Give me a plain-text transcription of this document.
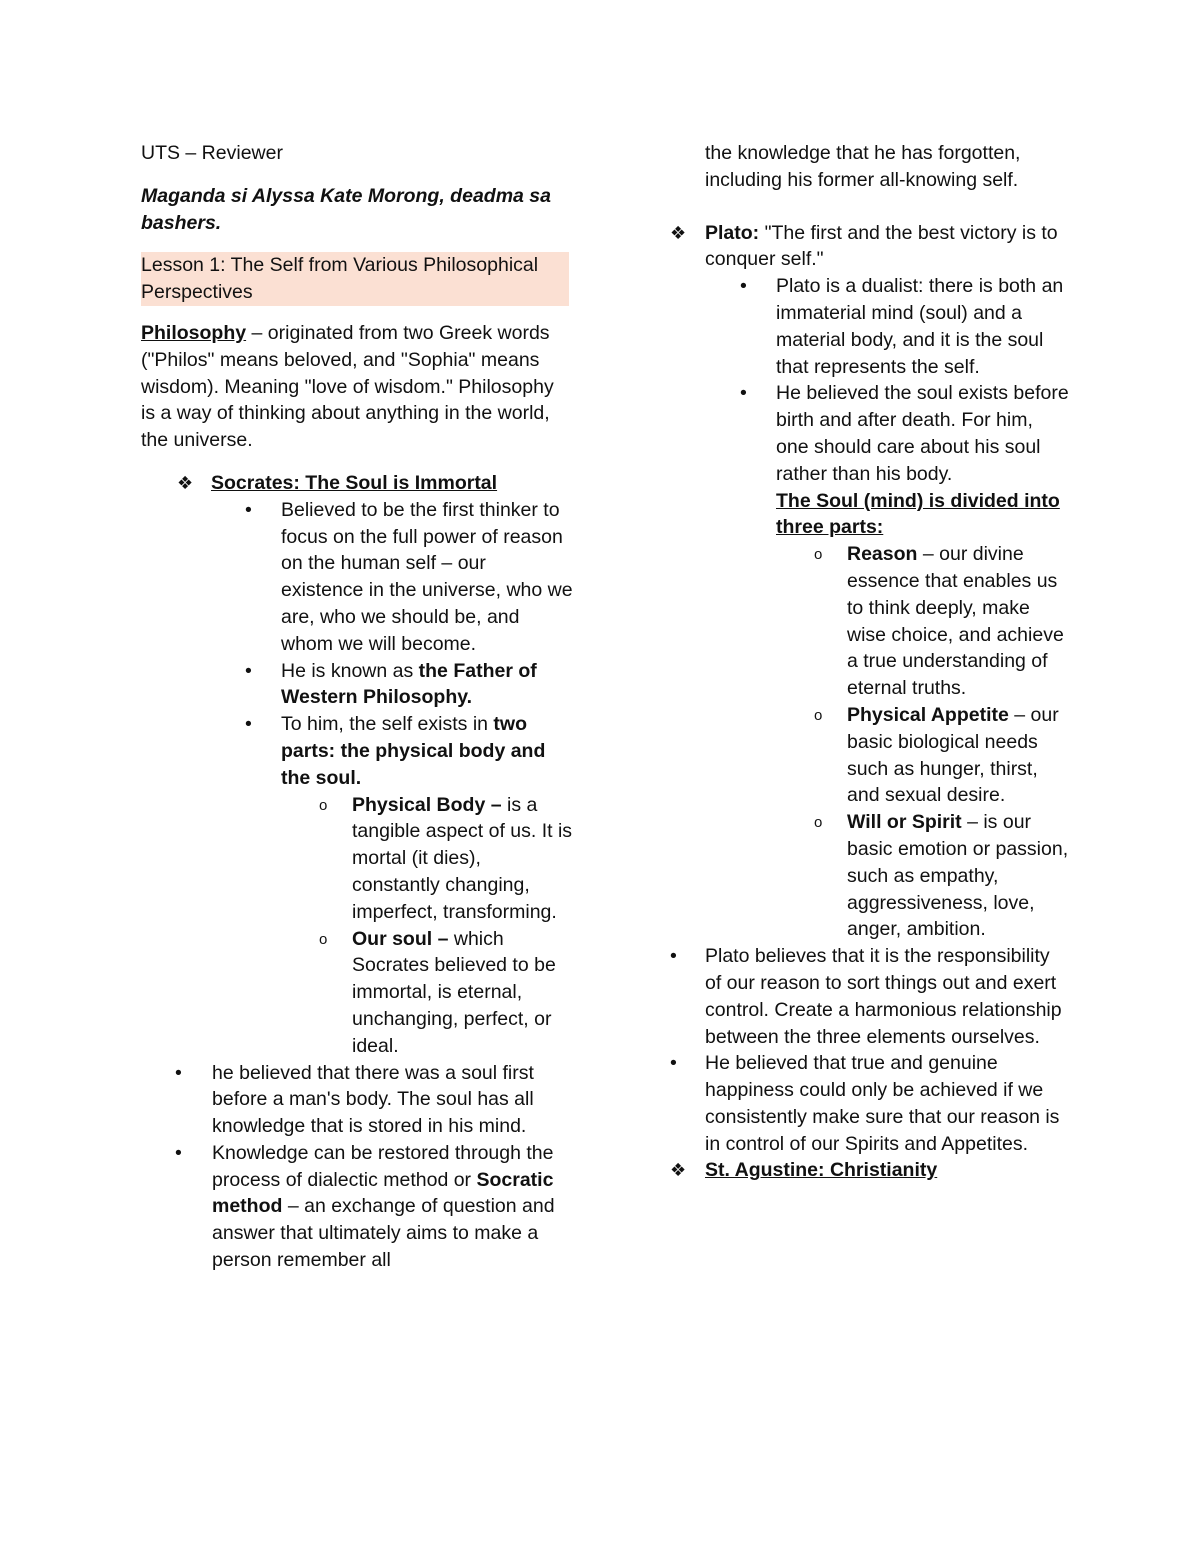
UTS – Reviewer

Maganda si Alyssa Kate Morong, deadma sa bashers.

Lesson 1: The Self from Various Philosophical Perspectives

Philosophy – originated from two Greek words ("Philos" means beloved, and "Sophia" means wisdom). Meaning "love of wisdom." Philosophy is a way of thinking about anything in the world, the universe.

❖ Socrates: The Soul is Immortal
• Believed to be the first thinker to focus on the full power of reason on the human self – our existence in the universe, who we are, who we should be, and whom we will become.
• He is known as the Father of Western Philosophy.
• To him, the self exists in two parts: the physical body and the soul.
o Physical Body – is a tangible aspect of us. It is mortal (it dies), constantly changing, imperfect, transforming.
o Our soul – which Socrates believed to be immortal, is eternal, unchanging, perfect, or ideal.
• he believed that there was a soul first before a man's body. The soul has all knowledge that is stored in his mind.
• Knowledge can be restored through the process of dialectic method or Socratic method – an exchange of question and answer that ultimately aims to make a person remember all

the knowledge that he has forgotten, including his former all-knowing self.

❖ Plato: "The first and the best victory is to conquer self."
• Plato is a dualist: there is both an immaterial mind (soul) and a material body, and it is the soul that represents the self.
• He believed the soul exists before birth and after death. For him, one should care about his soul rather than his body.
The Soul (mind) is divided into three parts:
o Reason – our divine essence that enables us to think deeply, make wise choice, and achieve a true understanding of eternal truths.
o Physical Appetite – our basic biological needs such as hunger, thirst, and sexual desire.
o Will or Spirit – is our basic emotion or passion, such as empathy, aggressiveness, love, anger, ambition.
• Plato believes that it is the responsibility of our reason to sort things out and exert control. Create a harmonious relationship between the three elements ourselves.
• He believed that true and genuine happiness could only be achieved if we consistently make sure that our reason is in control of our Spirits and Appetites.
❖ St. Agustine: Christianity
